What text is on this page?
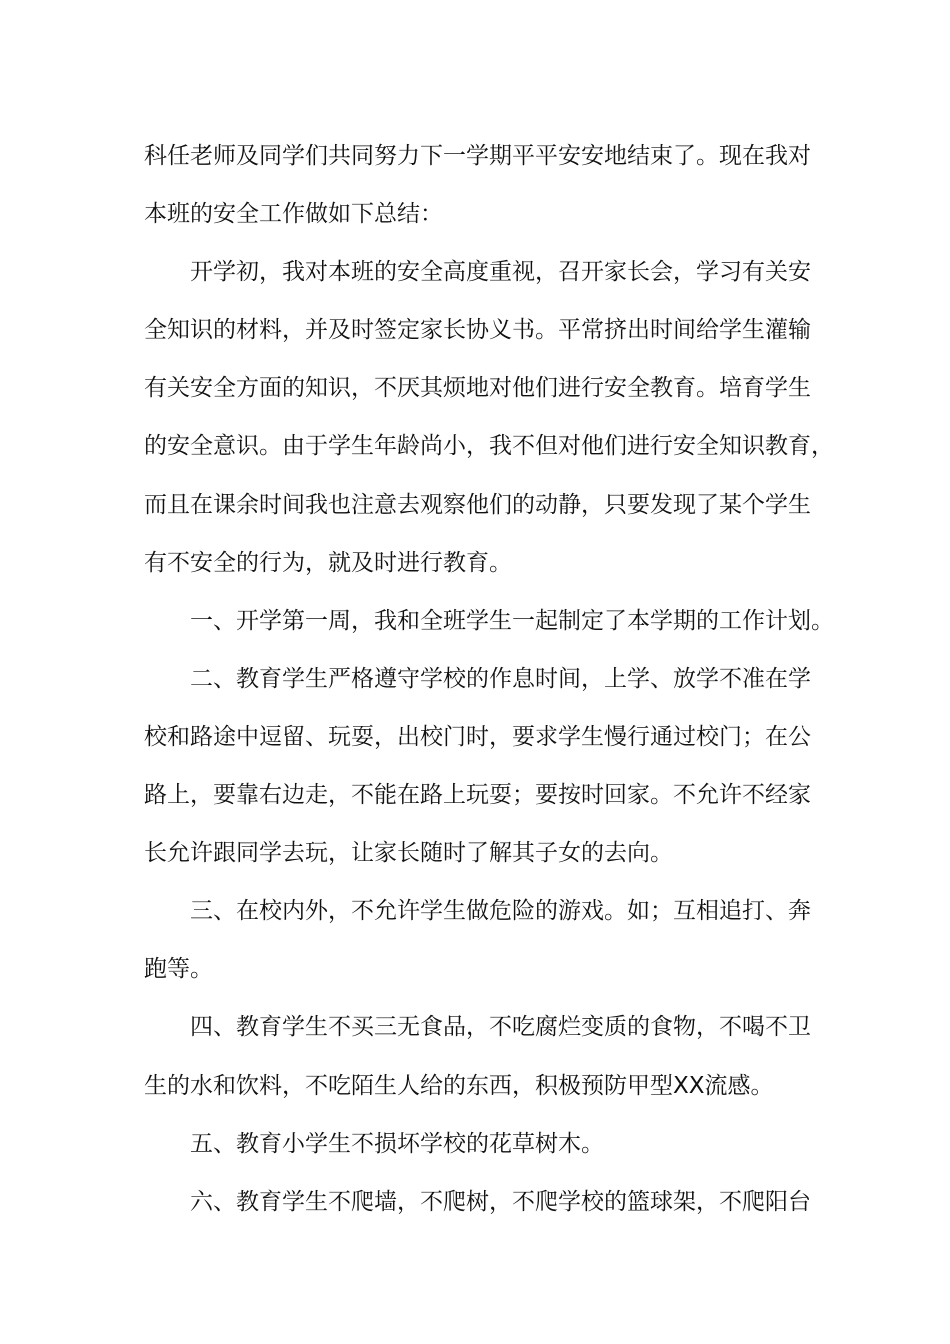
科任老师及同学们共同努力下一学期平平安安地结束了。现在我对
本班的安全工作做如下总结：
开学初，我对本班的安全高度重视，召开家长会，学习有关安
全知识的材料，并及时签定家长协义书。平常挤出时间给学生灌输
有关安全方面的知识，不厌其烦地对他们进行安全教育。培育学生
的安全意识。由于学生年龄尚小，我不但对他们进行安全知识教育，
而且在课余时间我也注意去观察他们的动静，只要发现了某个学生
有不安全的行为，就及时进行教育。
一、开学第一周，我和全班学生一起制定了本学期的工作计划。
二、教育学生严格遵守学校的作息时间，上学、放学不准在学
校和路途中逗留、玩耍，出校门时，要求学生慢行通过校门；在公
路上，要靠右边走，不能在路上玩耍；要按时回家。不允许不经家
长允许跟同学去玩，让家长随时了解其子女的去向。
三、在校内外，不允许学生做危险的游戏。如；互相追打、奔
跑等。
四、教育学生不买三无食品，不吃腐烂变质的食物，不喝不卫
生的水和饮料，不吃陌生人给的东西，积极预防甲型XX流感。
五、教育小学生不损坏学校的花草树木。
六、教育学生不爬墙，不爬树，不爬学校的篮球架，不爬阳台
